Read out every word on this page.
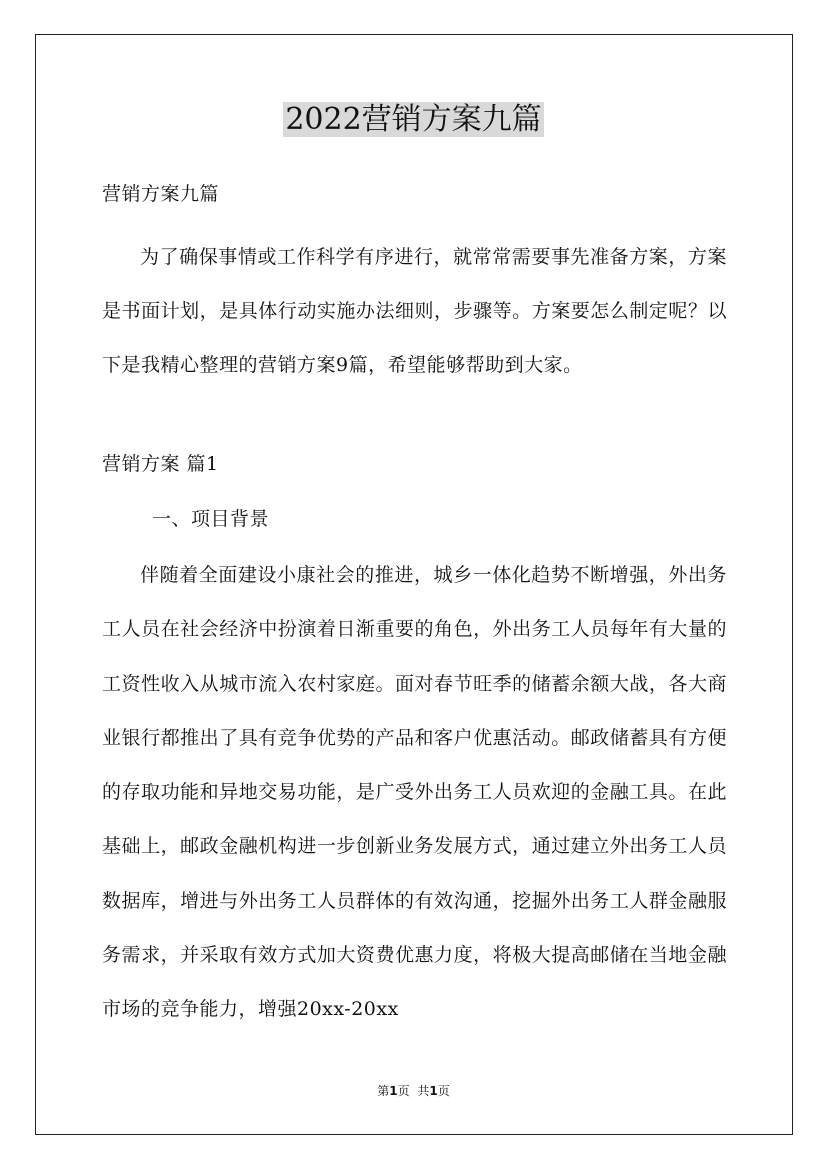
2022营销方案九篇

营销方案九篇

为了确保事情或工作科学有序进行，就常常需要事先准备方案，方案是书面计划，是具体行动实施办法细则，步骤等。方案要怎么制定呢？以下是我精心整理的营销方案9篇，希望能够帮助到大家。

营销方案 篇1

一、项目背景

伴随着全面建设小康社会的推进，城乡一体化趋势不断增强，外出务工人员在社会经济中扮演着日渐重要的角色，外出务工人员每年有大量的工资性收入从城市流入农村家庭。面对春节旺季的储蓄余额大战，各大商业银行都推出了具有竞争优势的产品和客户优惠活动。邮政储蓄具有方便的存取功能和异地交易功能，是广受外出务工人员欢迎的金融工具。在此基础上，邮政金融机构进一步创新业务发展方式，通过建立外出务工人员数据库，增进与外出务工人员群体的有效沟通，挖掘外出务工人群金融服务需求，并采取有效方式加大资费优惠力度，将极大提高邮储在当地金融市场的竞争能力，增强20xx-20xx

第1页 共1页
